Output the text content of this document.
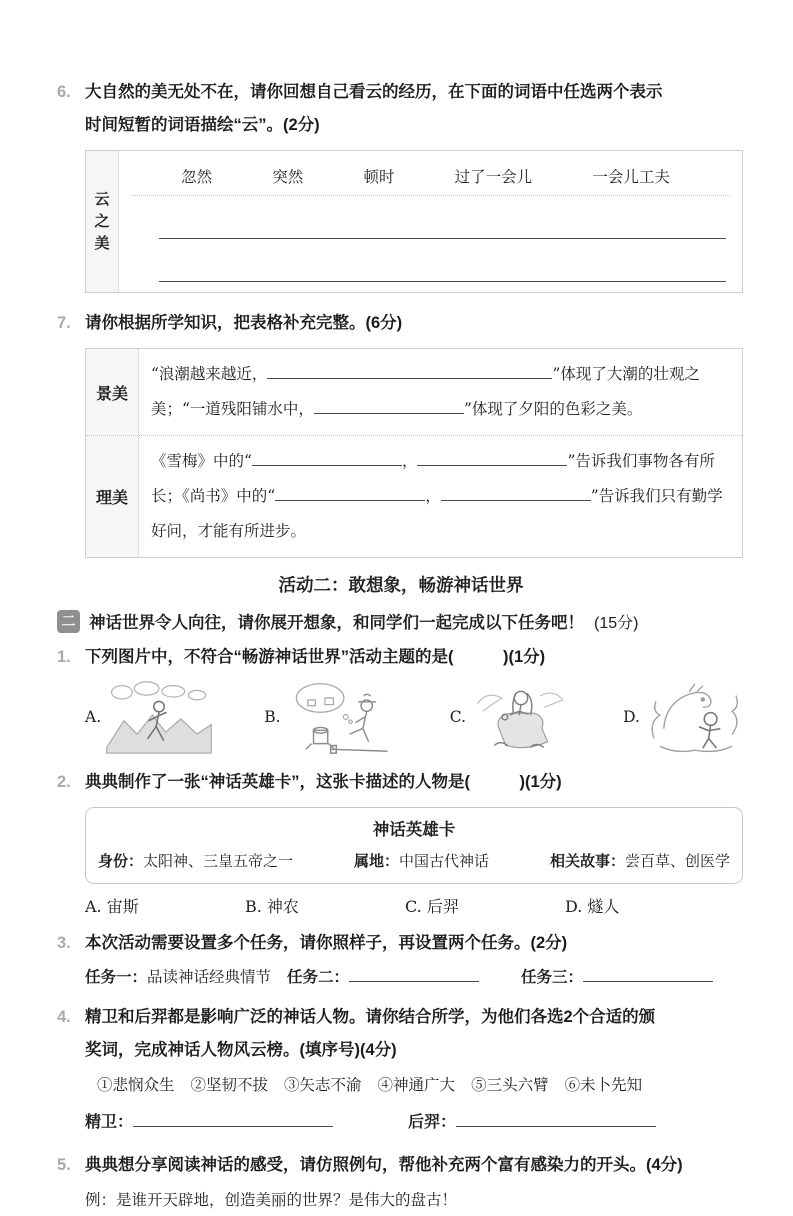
6. 大自然的美无处不在，请你回想自己看云的经历，在下面的词语中任选两个表示
时间短暂的词语描绘“云”。(2分)
云之美
忽然	突然	顿时	过了一会儿	一会儿工夫
7. 请你根据所学知识，把表格补充完整。(6分)
景美
“浪潮越来越近，	”体现了大潮的壮观之美；“一道残阳铺水中，	”体现了夕阳的色彩之美。
理美
《雪梅》中的“	，	”告诉我们事物各有所长；《尚书》中的“	，	”告诉我们只有勤学好问，才能有所进步。
活动二：敢想象，畅游神话世界
二 神话世界令人向往，请你展开想象，和同学们一起完成以下任务吧！ (15分)
1. 下列图片中，不符合“畅游神话世界”活动主题的是(　　　)(1分)
A.	B.	C.	D.
2. 典典制作了一张“神话英雄卡”，这张卡描述的人物是(　　　)(1分)
神话英雄卡
身份：太阳神、三皇五帝之一	属地：中国古代神话	相关故事：尝百草、创医学
A. 宙斯	B. 神农	C. 后羿	D. 燧人
3. 本次活动需要设置多个任务，请你照样子，再设置两个任务。(2分)
任务一： 品读神话经典情节 任务二：	任务三：
4. 精卫和后羿都是影响广泛的神话人物。请你结合所学，为他们各选2个合适的颁
奖词，完成神话人物风云榜。(填序号)(4分)
①悲悯众生 ②坚韧不拔 ③矢志不渝 ④神通广大 ⑤三头六臂 ⑥未卜先知
精卫：	后羿：
5. 典典想分享阅读神话的感受，请仿照例句，帮他补充两个富有感染力的开头。(4分)
例：是谁开天辟地，创造美丽的世界？是伟大的盘古！
